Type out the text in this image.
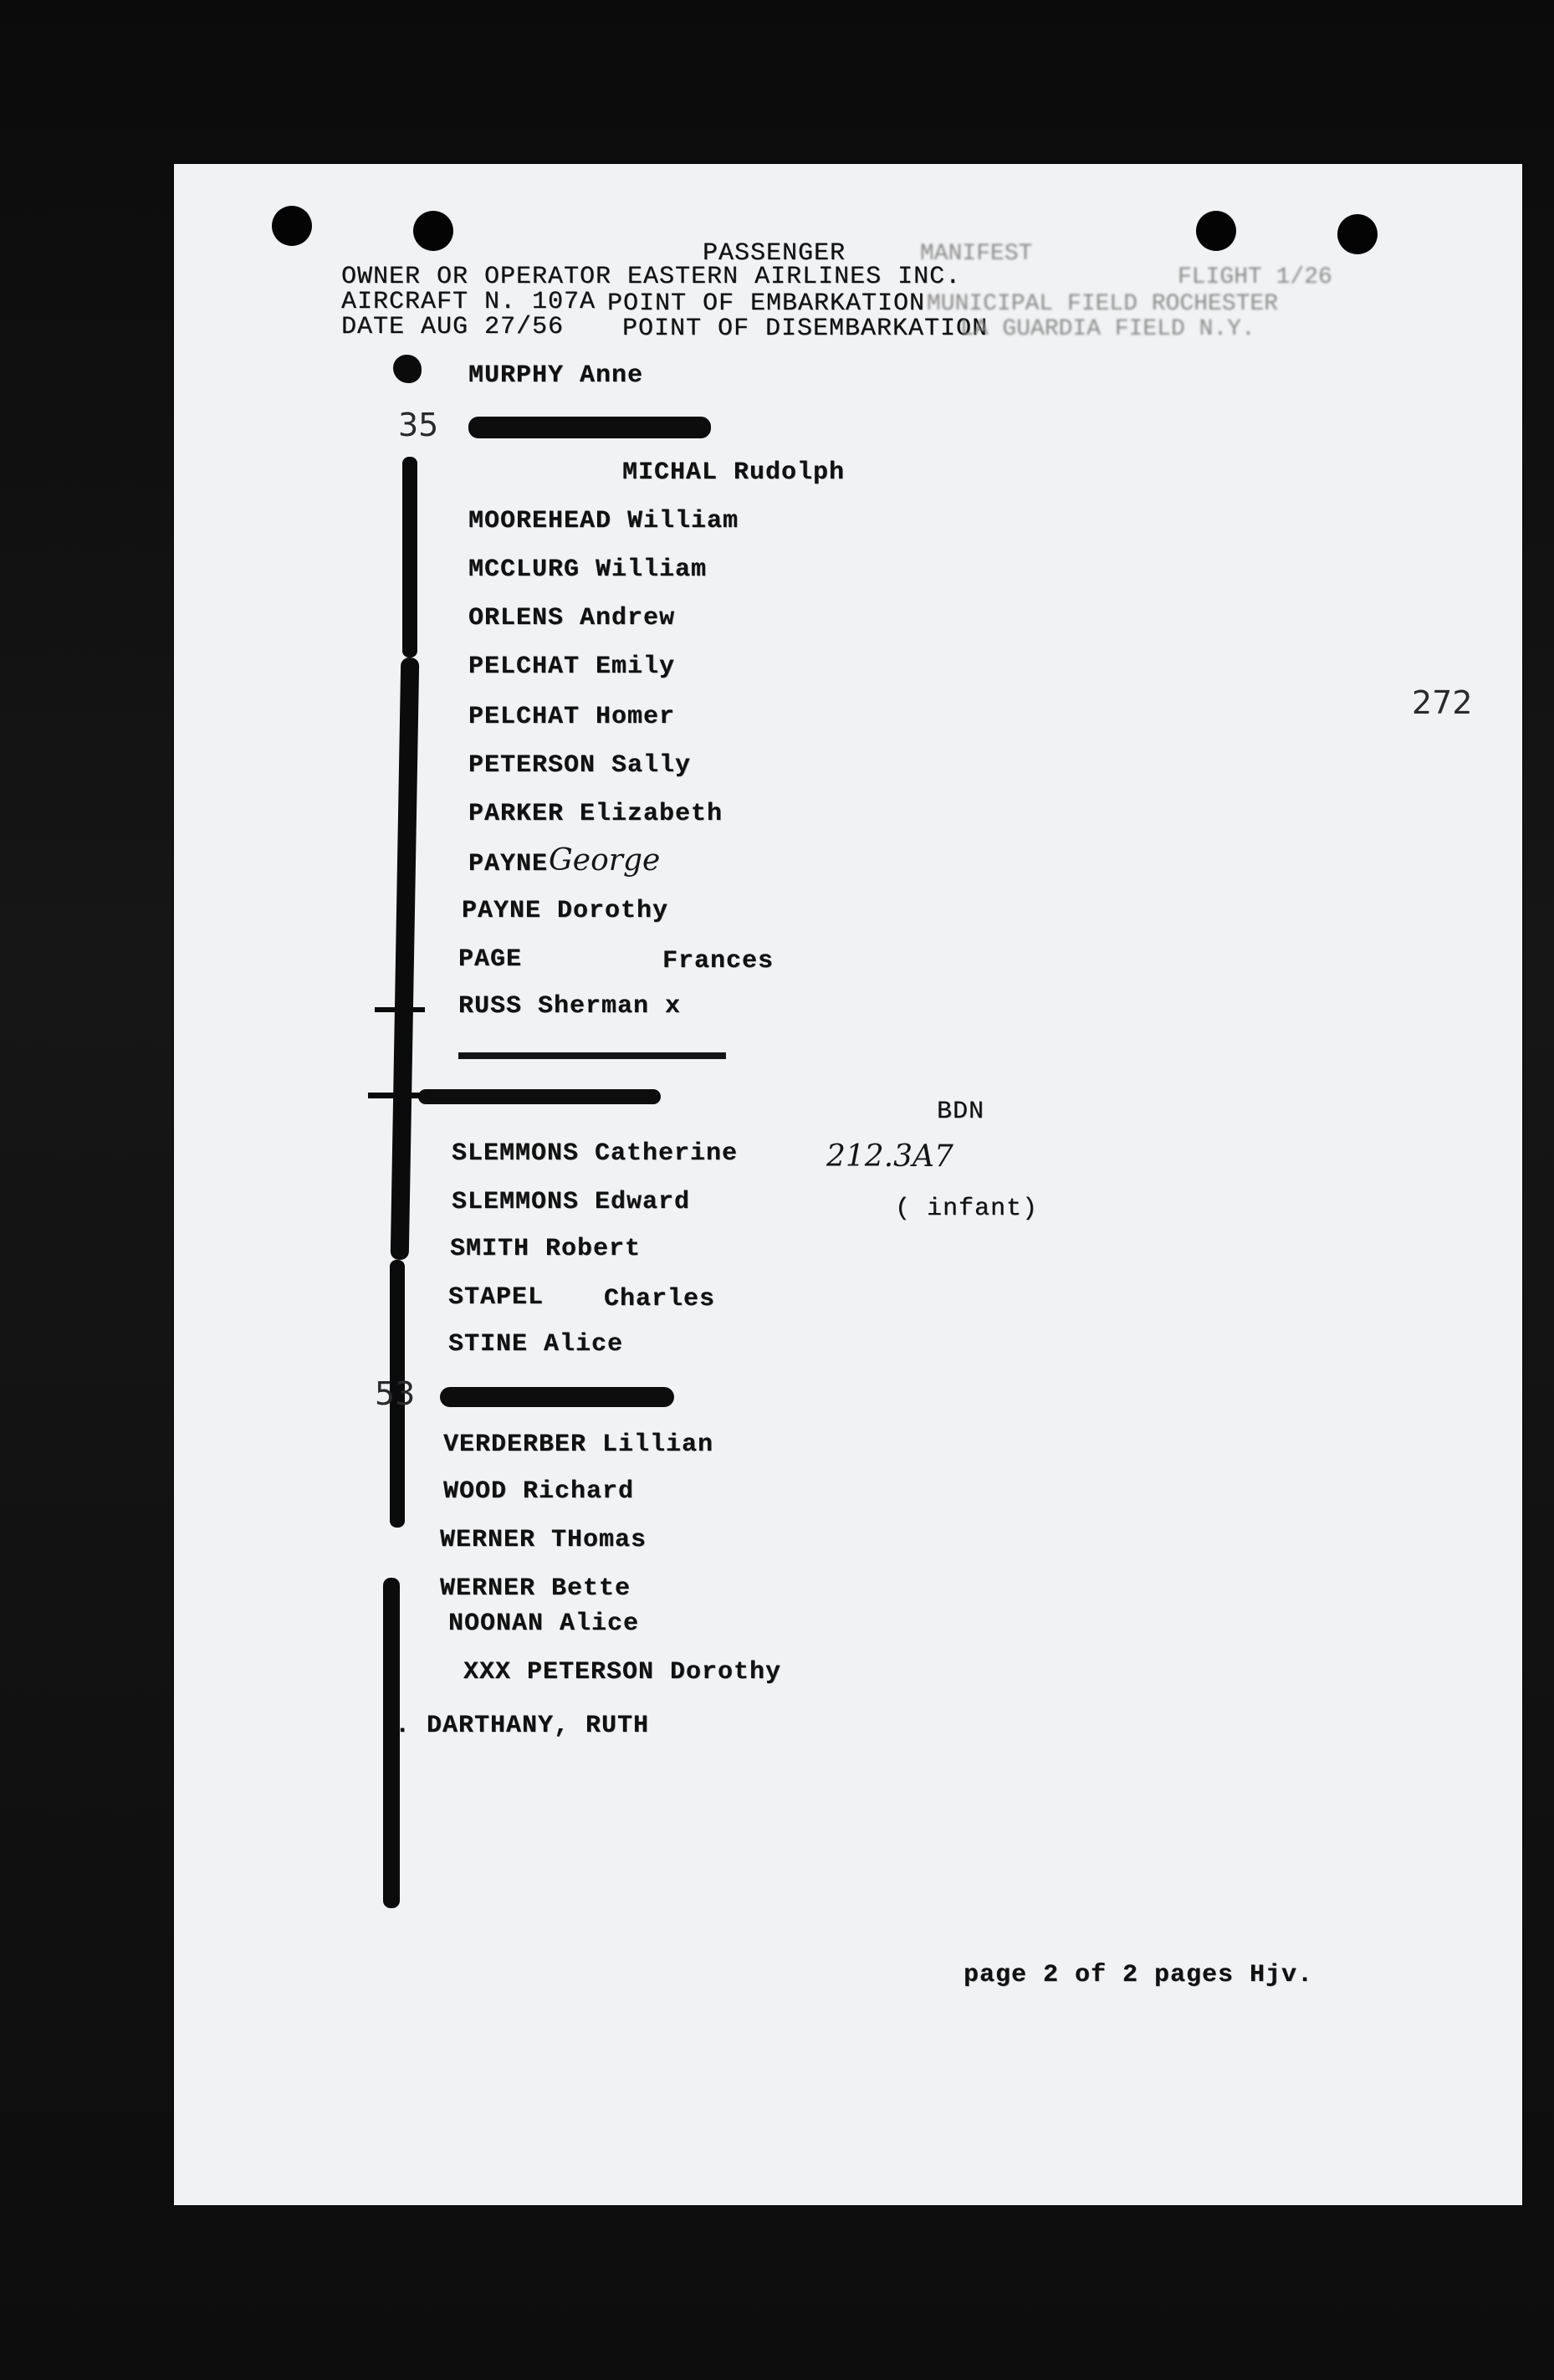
PASSENGER	MANIFEST
OWNER OR OPERATOR EASTERN AIRLINES INC.	FLIGHT 1/26
AIRCRAFT N. 107A POINT OF EMBARKATION MUNICIPAL FIELD ROCHESTER
DATE AUG 27/56 POINT OF DISEMBARKATION
LA GUARDIA FIELD N.Y.
35
53
MURPHY Anne
MICHAL Rudolph
MOOREHEAD William
MCCLURG William
ORLENS Andrew
PELCHAT Emily
PELCHAT Homer
PETERSON Sally
PARKER Elizabeth
PAYNE George
PAYNE Dorothy
PAGE	Frances
RUSS Sherman x
SLEMMONS Catherine
SLEMMONS Edward
SMITH Robert
STAPEL Charles
STINE Alice
VERDERBER Lillian
WOOD Richard
WERNER THomas
WERNER Bette
NOONAN Alice
XXX PETERSON Dorothy
. DARTHANY, RUTH
BDN
212.3A7
( infant)
272
page 2 of 2 pages Hjv.
